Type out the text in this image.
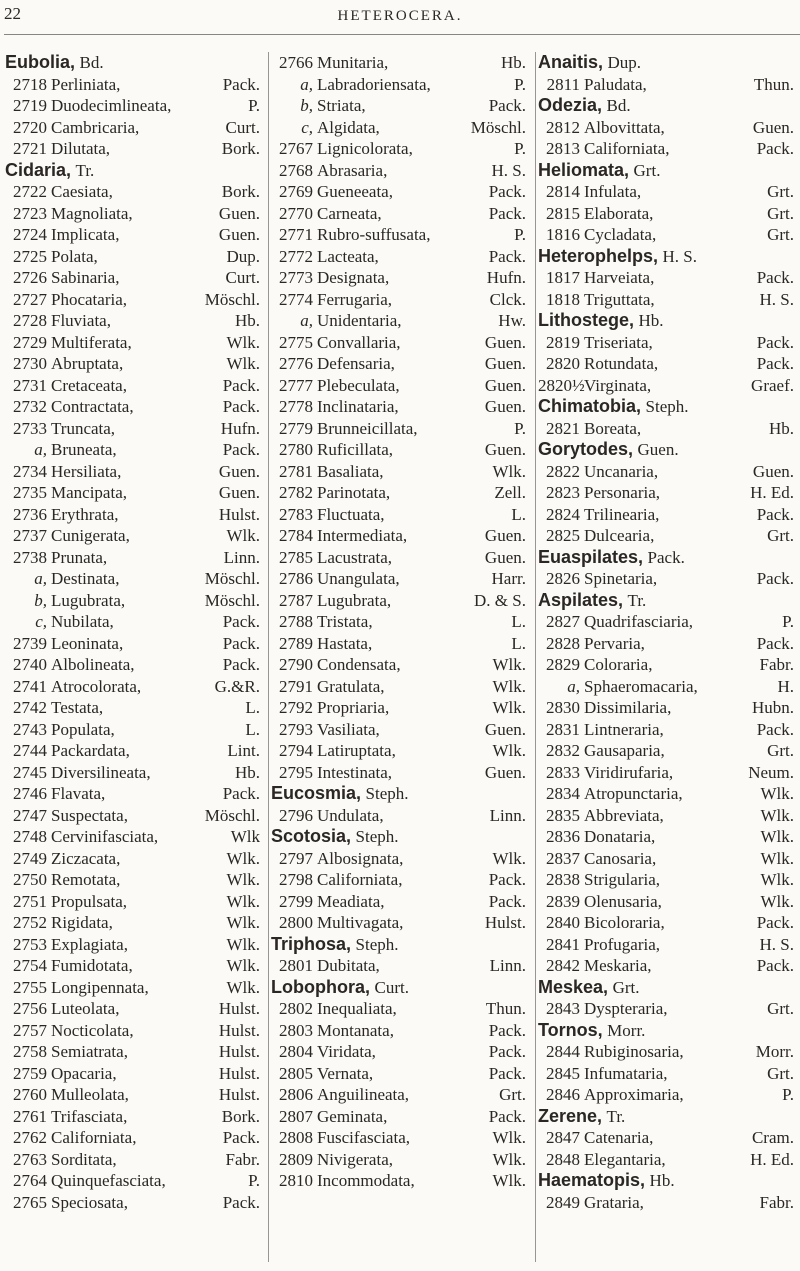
22	HETEROCERA.
Eubolia, Bd.
2718 Perliniata,	Pack.
2719 Duodecimlineata,	P.
2720 Cambricaria,	Curt.
2721 Dilutata,	Bork.
Cidaria, Tr.
2722 Caesiata,	Bork.
2723 Magnoliata,	Guen.
2724 Implicata,	Guen.
2725 Polata,	Dup.
2726 Sabinaria,	Curt.
2727 Phocataria,	Möschl.
2728 Fluviata,	Hb.
2729 Multiferata,	Wlk.
2730 Abruptata,	Wlk.
2731 Cretaceata,	Pack.
2732 Contractata,	Pack.
2733 Truncata,	Hufn.
a, Bruneata,	Pack.
2734 Hersiliata,	Guen.
2735 Mancipata,	Guen.
2736 Erythrata,	Hulst.
2737 Cunigerata,	Wlk.
2738 Prunata,	Linn.
a, Destinata,	Möschl.
b, Lugubrata,	Möschl.
c, Nubilata,	Pack.
2739 Leoninata,	Pack.
2740 Albolineata,	Pack.
2741 Atrocolorata,	G.&R.
2742 Testata,	L.
2743 Populata,	L.
2744 Packardata,	Lint.
2745 Diversilineata,	Hb.
2746 Flavata,	Pack.
2747 Suspectata,	Möschl.
2748 Cervinifasciata,	Wlk
2749 Ziczacata,	Wlk.
2750 Remotata,	Wlk.
2751 Propulsata,	Wlk.
2752 Rigidata,	Wlk.
2753 Explagiata,	Wlk.
2754 Fumidotata,	Wlk.
2755 Longipennata,	Wlk.
2756 Luteolata,	Hulst.
2757 Nocticolata,	Hulst.
2758 Semiatrata,	Hulst.
2759 Opacaria,	Hulst.
2760 Mulleolata,	Hulst.
2761 Trifasciata,	Bork.
2762 Californiata,	Pack.
2763 Sorditata,	Fabr.
2764 Quinquefasciata,	P.
2765 Speciosata,	Pack.
2766 Munitaria,	Hb.
a, Labradoriensata,	P.
b, Striata,	Pack.
c, Algidata,	Möschl.
2767 Lignicolorata,	P.
2768 Abrasaria,	H. S.
2769 Gueneeata,	Pack.
2770 Carneata,	Pack.
2771 Rubro-suffusata,	P.
2772 Lacteata,	Pack.
2773 Designata,	Hufn.
2774 Ferrugaria,	Clck.
a, Unidentaria,	Hw.
2775 Convallaria,	Guen.
2776 Defensaria,	Guen.
2777 Plebeculata,	Guen.
2778 Inclinataria,	Guen.
2779 Brunneicillata,	P.
2780 Ruficillata,	Guen.
2781 Basaliata,	Wlk.
2782 Parinotata,	Zell.
2783 Fluctuata,	L.
2784 Intermediata,	Guen.
2785 Lacustrata,	Guen.
2786 Unangulata,	Harr.
2787 Lugubrata,	D. & S.
2788 Tristata,	L.
2789 Hastata,	L.
2790 Condensata,	Wlk.
2791 Gratulata,	Wlk.
2792 Propriaria,	Wlk.
2793 Vasiliata,	Guen.
2794 Latiruptata,	Wlk.
2795 Intestinata,	Guen.
Eucosmia, Steph.
2796 Undulata,	Linn.
Scotosia, Steph.
2797 Albosignata,	Wlk.
2798 Californiata,	Pack.
2799 Meadiata,	Pack.
2800 Multivagata,	Hulst.
Triphosa, Steph.
2801 Dubitata,	Linn.
Lobophora, Curt.
2802 Inequaliata,	Thun.
2803 Montanata,	Pack.
2804 Viridata,	Pack.
2805 Vernata,	Pack.
2806 Anguilineata,	Grt.
2807 Geminata,	Pack.
2808 Fuscifasciata,	Wlk.
2809 Nivigerata,	Wlk.
2810 Incommodata,	Wlk.
Anaitis, Dup.
2811 Paludata,	Thun.
Odezia, Bd.
2812 Albovittata,	Guen.
2813 Californiata,	Pack.
Heliomata, Grt.
2814 Infulata,	Grt.
2815 Elaborata,	Grt.
1816 Cycladata,	Grt.
Heterophelps, H. S.
1817 Harveiata,	Pack.
1818 Triguttata,	H. S.
Lithostege, Hb.
2819 Triseriata,	Pack.
2820 Rotundata,	Pack.
2820½ Virginata,	Graef.
Chimatobia, Steph.
2821 Boreata,	Hb.
Gorytodes, Guen.
2822 Uncanaria,	Guen.
2823 Personaria,	H. Ed.
2824 Trilinearia,	Pack.
2825 Dulcearia,	Grt.
Euaspilates, Pack.
2826 Spinetaria,	Pack.
Aspilates, Tr.
2827 Quadrifasciaria,	P.
2828 Pervaria,	Pack.
2829 Coloraria,	Fabr.
a, Sphaeromacaria,	H.
2830 Dissimilaria,	Hubn.
2831 Lintneraria,	Pack.
2832 Gausaparia,	Grt.
2833 Viridirufaria,	Neum.
2834 Atropunctaria,	Wlk.
2835 Abbreviata,	Wlk.
2836 Donataria,	Wlk.
2837 Canosaria,	Wlk.
2838 Strigularia,	Wlk.
2839 Olenusaria,	Wlk.
2840 Bicoloraria,	Pack.
2841 Profugaria,	H. S.
2842 Meskaria,	Pack.
Meskea, Grt.
2843 Dyspteraria,	Grt.
Tornos, Morr.
2844 Rubiginosaria,	Morr.
2845 Infumataria,	Grt.
2846 Approximaria,	P.
Zerene, Tr.
2847 Catenaria,	Cram.
2848 Elegantaria,	H. Ed.
Haematopis, Hb.
2849 Grataria,	Fabr.
